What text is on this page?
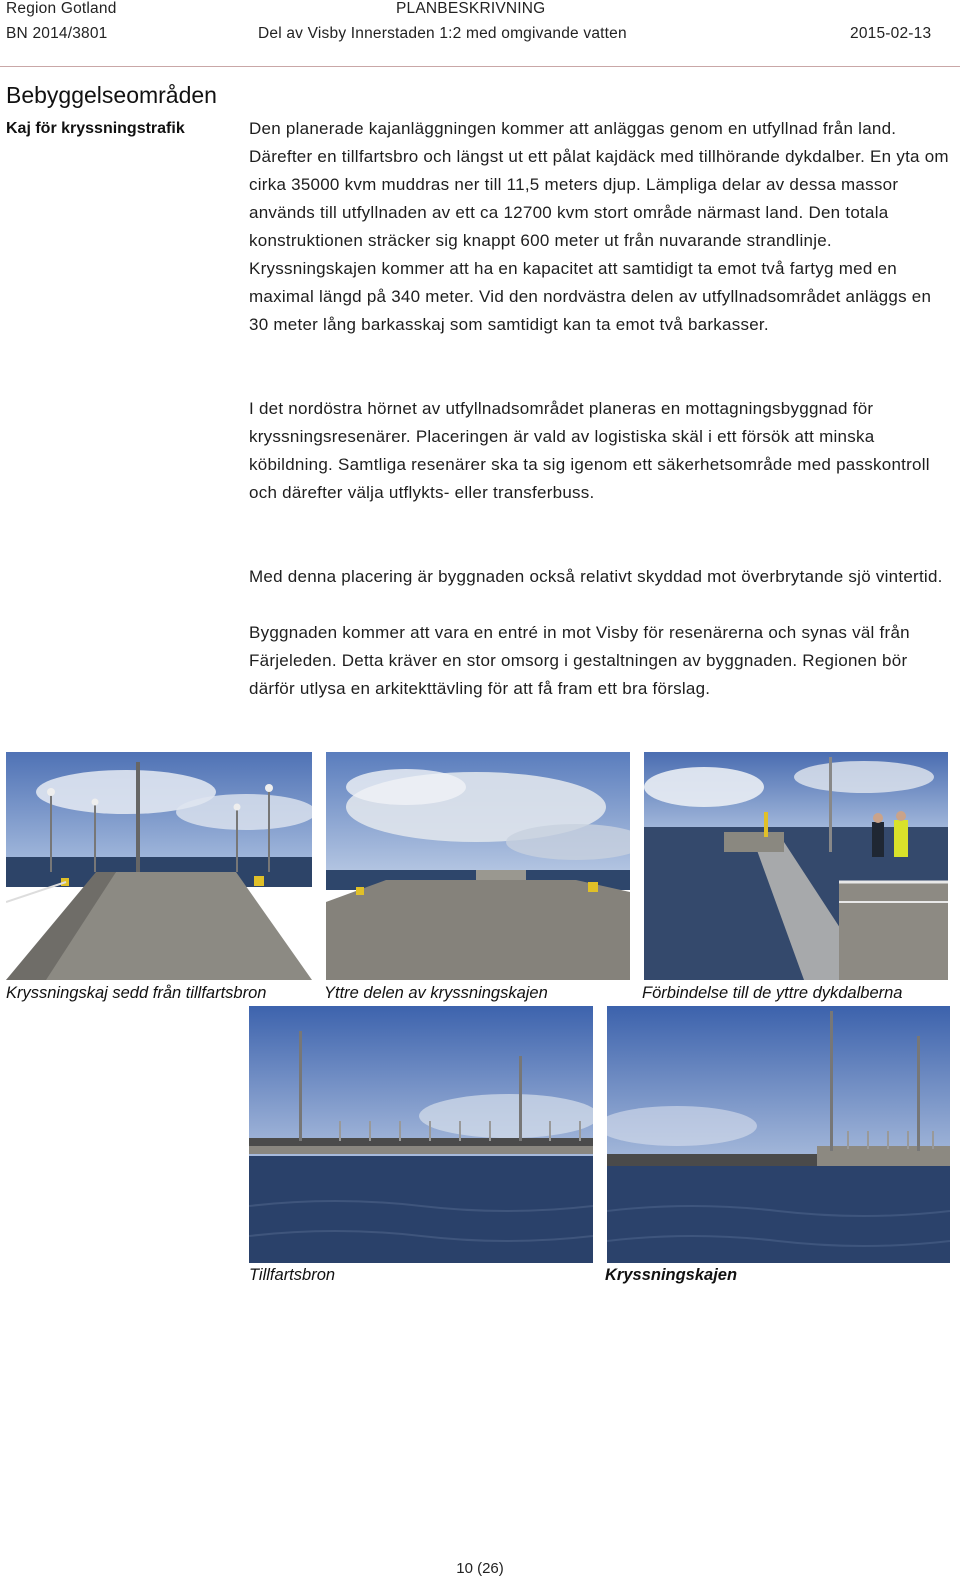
Region Gotland	PLANBESKRIVNING
BN 2014/3801	Del av Visby Innerstaden 1:2 med omgivande vatten	2015-02-13
Bebyggelseområden
Kaj för kryssningstrafik	Den planerade kajanläggningen kommer att anläggas genom en utfyllnad från land. Därefter en tillfartsbro och längst ut ett pålat kajdäck med tillhörande dykdalber. En yta om cirka 35000 kvm muddras ner till 11,5 meters djup. Lämpliga delar av dessa massor används till utfyllnaden av ett ca 12700 kvm stort område närmast land. Den totala konstruktionen sträcker sig knappt 600 meter ut från nuvarande strandlinje. Kryssningskajen kommer att ha en kapacitet att samtidigt ta emot två fartyg med en maximal längd på 340 meter. Vid den nordvästra delen av utfyllnadsområdet anläggs en 30 meter lång barkasskaj som samtidigt kan ta emot två barkasser.
I det nordöstra hörnet av utfyllnadsområdet planeras en mottagningsbyggnad för kryssningsresenärer. Placeringen är vald av logistiska skäl i ett försök att minska köbildning. Samtliga resenärer ska ta sig igenom ett säkerhetsområde med passkontroll och därefter välja utflykts- eller transferbuss.
Med denna placering är byggnaden också relativt skyddad mot överbrytande sjö vintertid.
Byggnaden kommer att vara en entré in mot Visby för resenärerna och synas väl från Färjeleden. Detta kräver en stor omsorg i gestaltningen av byggnaden. Regionen bör därför utlysa en arkitekttävling för att få fram ett bra förslag.
Kryssningskaj sedd från tillfartsbron	Yttre delen av kryssningskajen	Förbindelse till de yttre dykdalberna
Tillfartsbron	Kryssningskajen
10 (26)
